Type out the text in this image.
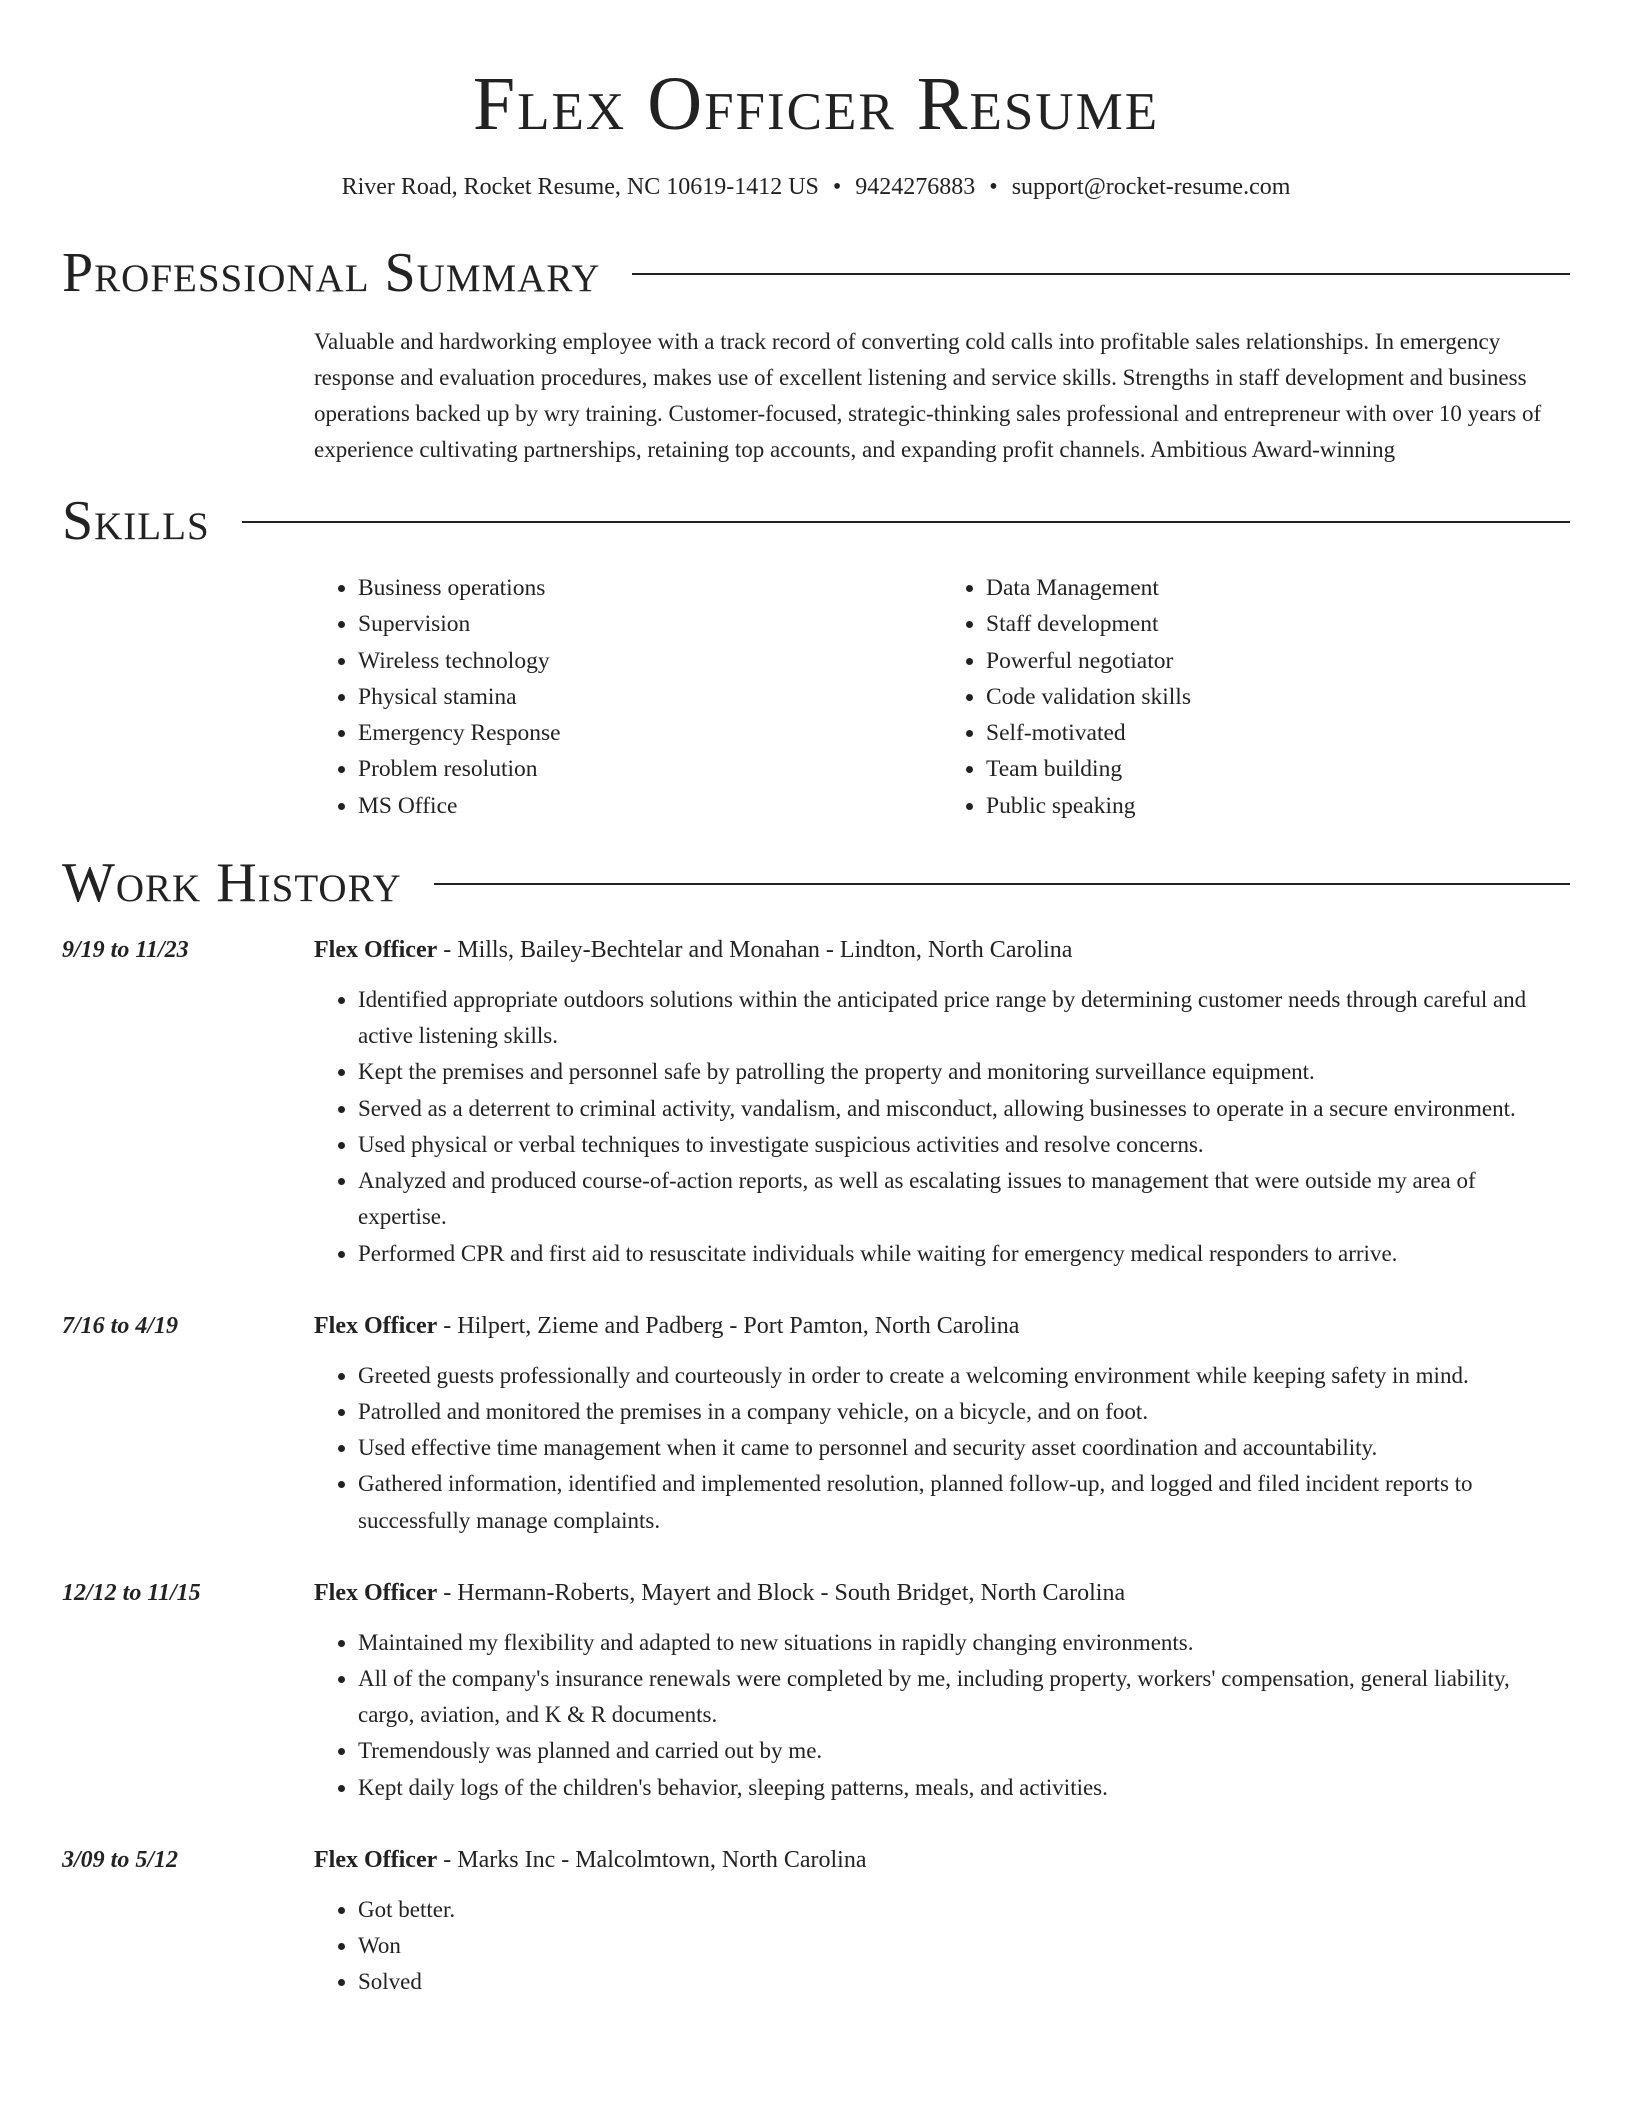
Flex Officer Resume
River Road, Rocket Resume, NC 10619-1412 US • 9424276883 • support@rocket-resume.com
Professional Summary

Valuable and hardworking employee with a track record of converting cold calls into profitable sales relationships. In emergency response and evaluation procedures, makes use of excellent listening and service skills. Strengths in staff development and business operations backed up by wry training. Customer-focused, strategic-thinking sales professional and entrepreneur with over 10 years of experience cultivating partnerships, retaining top accounts, and expanding profit channels. Ambitious Award-winning

Skills
• Business operations
• Supervision
• Wireless technology
• Physical stamina
• Emergency Response
• Problem resolution
• MS Office
• Data Management
• Staff development
• Powerful negotiator
• Code validation skills
• Self-motivated
• Team building
• Public speaking
Work History
9/19 to 11/23	Flex Officer - Mills, Bailey-Bechtelar and Monahan - Lindton, North Carolina
• Identified appropriate outdoors solutions within the anticipated price range by determining customer needs through careful and active listening skills.
• Kept the premises and personnel safe by patrolling the property and monitoring surveillance equipment.
• Served as a deterrent to criminal activity, vandalism, and misconduct, allowing businesses to operate in a secure environment.
• Used physical or verbal techniques to investigate suspicious activities and resolve concerns.
• Analyzed and produced course-of-action reports, as well as escalating issues to management that were outside my area of expertise.
• Performed CPR and first aid to resuscitate individuals while waiting for emergency medical responders to arrive.
7/16 to 4/19	Flex Officer - Hilpert, Zieme and Padberg - Port Pamton, North Carolina
• Greeted guests professionally and courteously in order to create a welcoming environment while keeping safety in mind.
• Patrolled and monitored the premises in a company vehicle, on a bicycle, and on foot.
• Used effective time management when it came to personnel and security asset coordination and accountability.
• Gathered information, identified and implemented resolution, planned follow-up, and logged and filed incident reports to successfully manage complaints.
12/12 to 11/15	Flex Officer - Hermann-Roberts, Mayert and Block - South Bridget, North Carolina
• Maintained my flexibility and adapted to new situations in rapidly changing environments.
• All of the company's insurance renewals were completed by me, including property, workers' compensation, general liability, cargo, aviation, and K & R documents.
• Tremendously was planned and carried out by me.
• Kept daily logs of the children's behavior, sleeping patterns, meals, and activities.
3/09 to 5/12	Flex Officer - Marks Inc - Malcolmtown, North Carolina
• Got better.
• Won
• Solved
